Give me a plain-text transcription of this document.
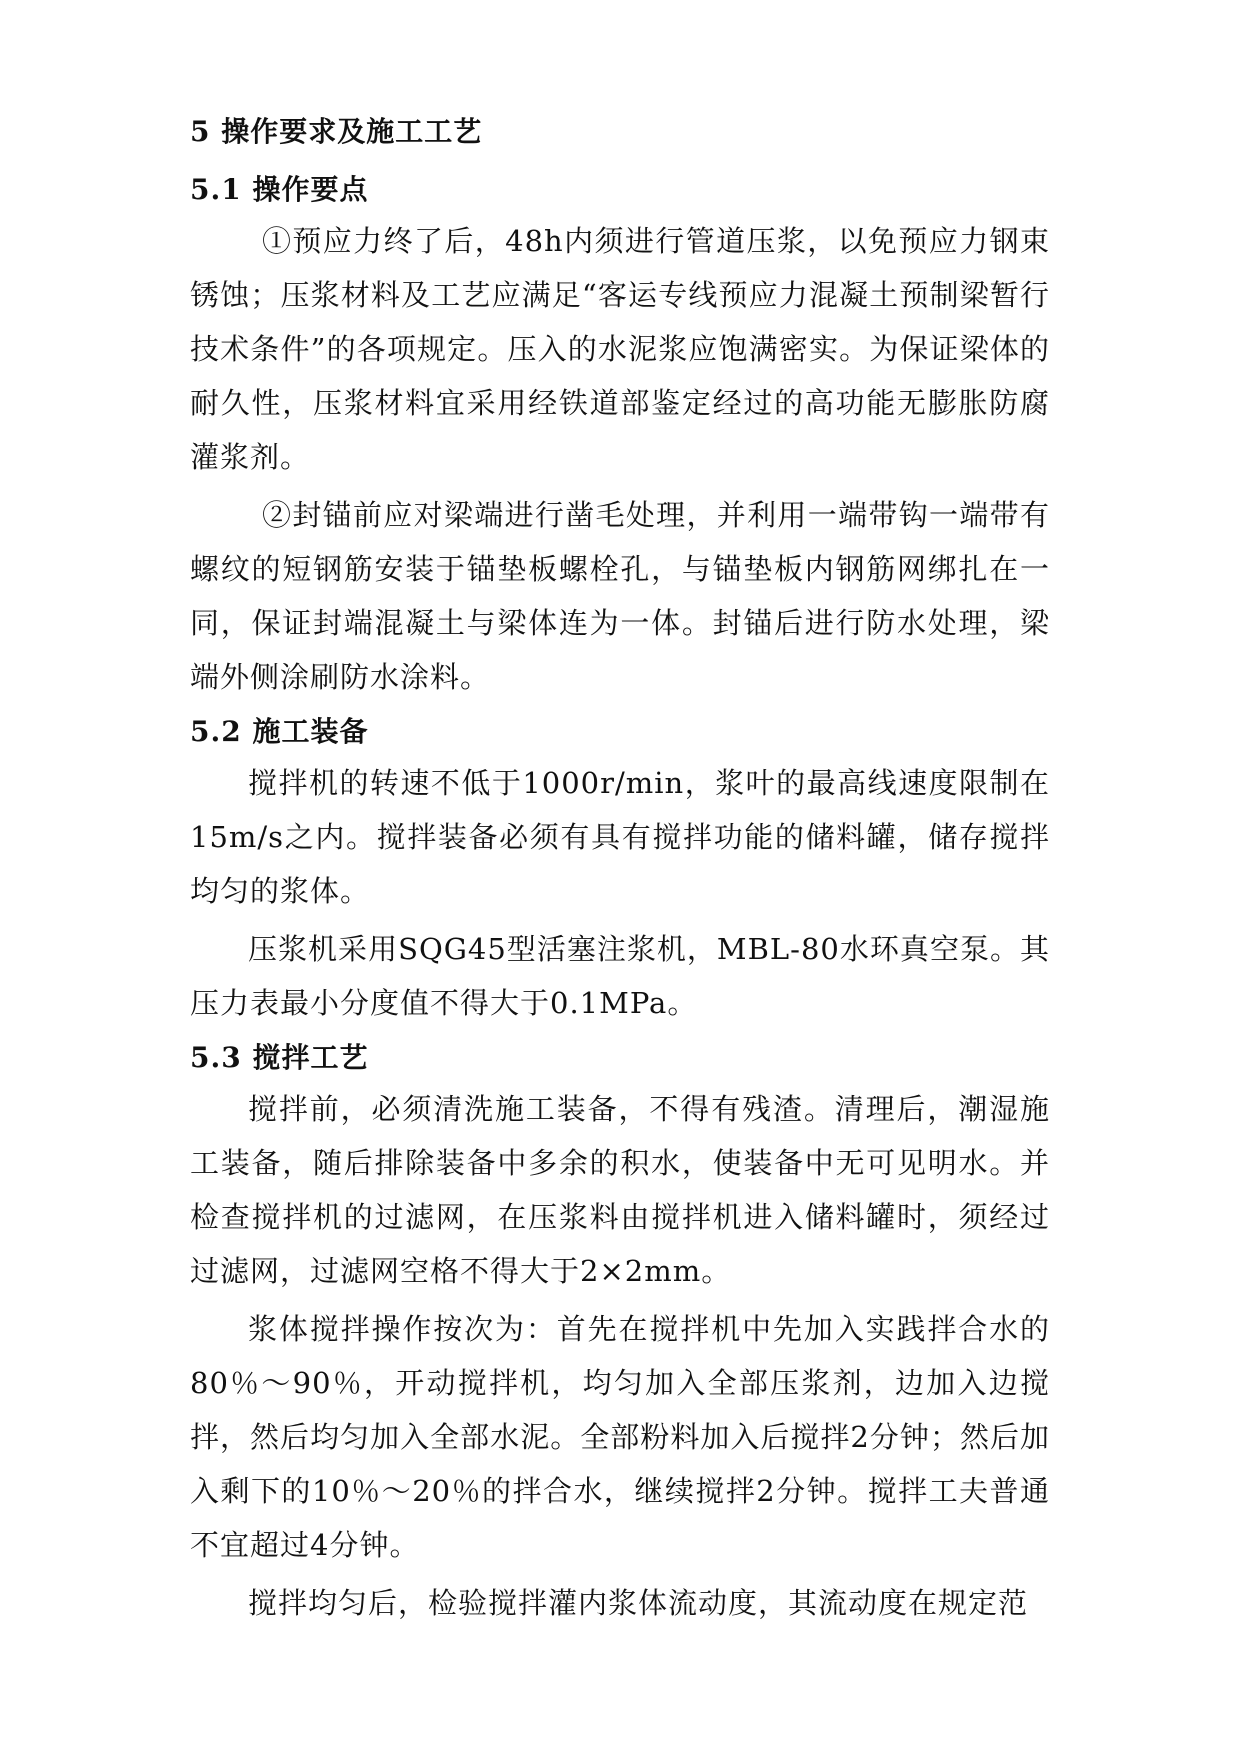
5 操作要求及施工工艺
5.1 操作要点

①预应力终了后，48h内须进行管道压浆，以免预应力钢束锈蚀；压浆材料及工艺应满足“客运专线预应力混凝土预制梁暂行技术条件”的各项规定。压入的水泥浆应饱满密实。为保证梁体的耐久性，压浆材料宜采用经铁道部鉴定经过的高功能无膨胀防腐灌浆剂。

②封锚前应对梁端进行凿毛处理，并利用一端带钩一端带有螺纹的短钢筋安装于锚垫板螺栓孔，与锚垫板内钢筋网绑扎在一同，保证封端混凝土与梁体连为一体。封锚后进行防水处理，梁端外侧涂刷防水涂料。

5.2 施工装备

搅拌机的转速不低于1000r/min，浆叶的最高线速度限制在15m/s之内。搅拌装备必须有具有搅拌功能的储料罐，储存搅拌均匀的浆体。

压浆机采用SQG45型活塞注浆机，MBL-80水环真空泵。其压力表最小分度值不得大于0.1MPa。

5.3 搅拌工艺

搅拌前，必须清洗施工装备，不得有残渣。清理后，潮湿施工装备，随后排除装备中多余的积水，使装备中无可见明水。并检查搅拌机的过滤网，在压浆料由搅拌机进入储料罐时，须经过过滤网，过滤网空格不得大于2×2mm。

浆体搅拌操作按次为：首先在搅拌机中先加入实践拌合水的80％～90％，开动搅拌机，均匀加入全部压浆剂，边加入边搅拌，然后均匀加入全部水泥。全部粉料加入后搅拌2分钟；然后加入剩下的10％～20％的拌合水，继续搅拌2分钟。搅拌工夫普通不宜超过4分钟。

搅拌均匀后，检验搅拌灌内浆体流动度，其流动度在规定范
